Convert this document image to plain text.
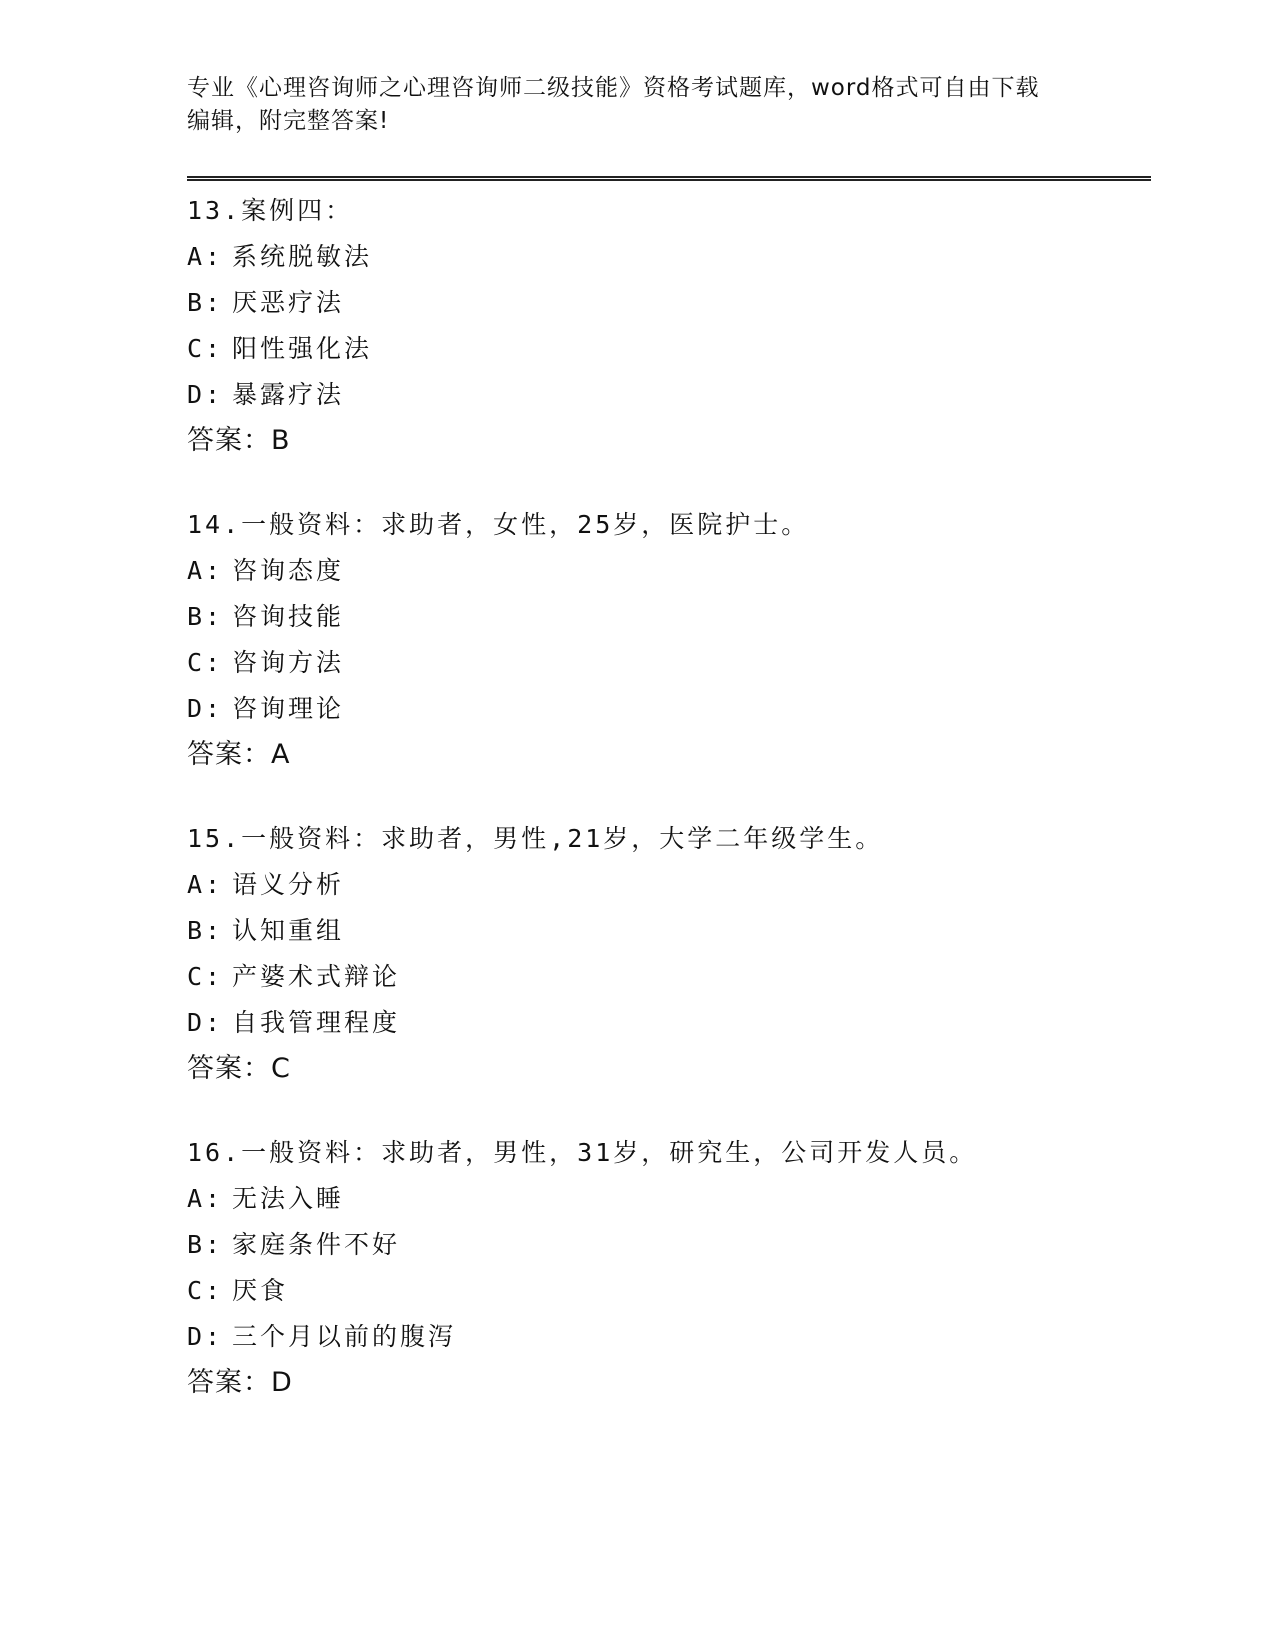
专业《心理咨询师之心理咨询师二级技能》资格考试题库，word格式可自由下载
编辑，附完整答案!
13.案例四：
A: 系统脱敏法
B: 厌恶疗法
C: 阳性强化法
D: 暴露疗法
答案：B
14.一般资料：求助者，女性，25岁，医院护士。
A: 咨询态度
B: 咨询技能
C: 咨询方法
D: 咨询理论
答案：A
15.一般资料：求助者，男性,21岁，大学二年级学生。
A: 语义分析
B: 认知重组
C: 产婆术式辩论
D: 自我管理程度
答案：C
16.一般资料：求助者，男性，31岁，研究生，公司开发人员。
A: 无法入睡
B: 家庭条件不好
C: 厌食
D: 三个月以前的腹泻
答案：D
